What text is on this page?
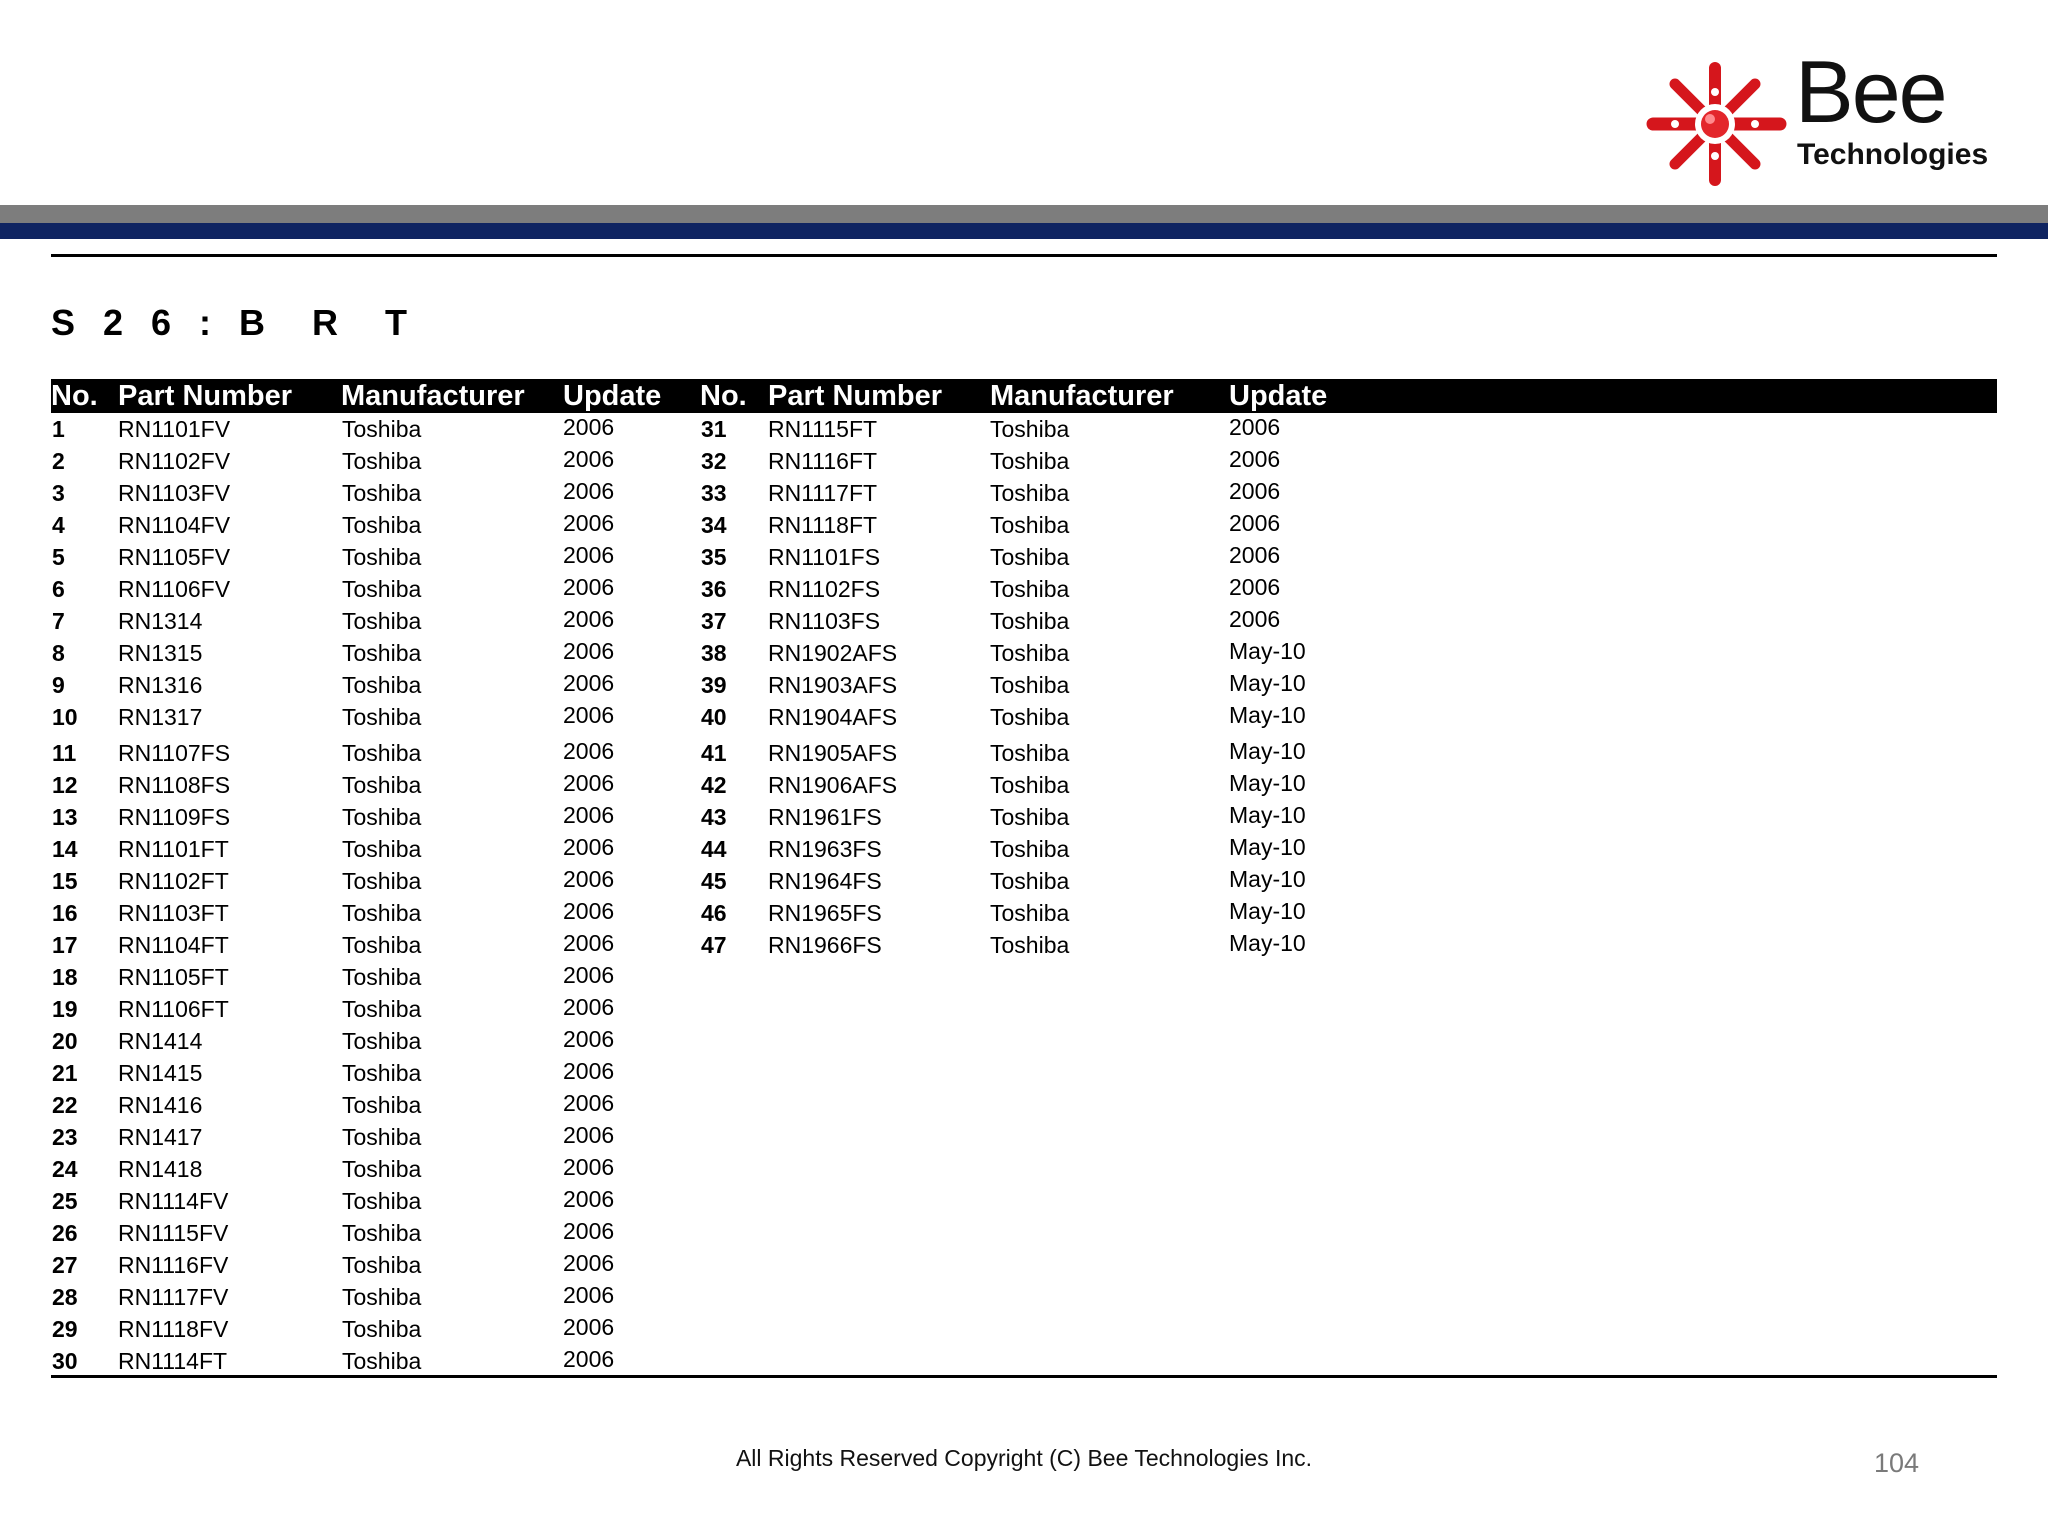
Bee
Technologies
S 2 6 : B  R  T
No. Part Number Manufacturer Update No. Part Number Manufacturer Update
1 RN1101FV	Toshiba	2006
2 RN1102FV	Toshiba	2006
3 RN1103FV	Toshiba	2006
4 RN1104FV	Toshiba	2006
5 RN1105FV	Toshiba	2006
6 RN1106FV	Toshiba	2006
7 RN1314	Toshiba	2006
8 RN1315	Toshiba	2006
9 RN1316	Toshiba	2006
10 RN1317	Toshiba	2006
11 RN1107FS	Toshiba	2006
12 RN1108FS	Toshiba	2006
13 RN1109FS	Toshiba	2006
14 RN1101FT	Toshiba	2006
15 RN1102FT	Toshiba	2006
16 RN1103FT	Toshiba	2006
17 RN1104FT	Toshiba	2006
18 RN1105FT	Toshiba	2006
19 RN1106FT	Toshiba	2006
20 RN1414	Toshiba	2006
21 RN1415	Toshiba	2006
22 RN1416	Toshiba	2006
23 RN1417	Toshiba	2006
24 RN1418	Toshiba	2006
25 RN1114FV	Toshiba	2006
26 RN1115FV	Toshiba	2006
27 RN1116FV	Toshiba	2006
28 RN1117FV	Toshiba	2006
29 RN1118FV	Toshiba	2006
30 RN1114FT	Toshiba	2006
31 RN1115FT	Toshiba	2006
32 RN1116FT	Toshiba	2006
33 RN1117FT	Toshiba	2006
34 RN1118FT	Toshiba	2006
35 RN1101FS	Toshiba	2006
36 RN1102FS	Toshiba	2006
37 RN1103FS	Toshiba	2006
38 RN1902AFS	Toshiba	May-10
39 RN1903AFS	Toshiba	May-10
40 RN1904AFS	Toshiba	May-10
41 RN1905AFS	Toshiba	May-10
42 RN1906AFS	Toshiba	May-10
43 RN1961FS	Toshiba	May-10
44 RN1963FS	Toshiba	May-10
45 RN1964FS	Toshiba	May-10
46 RN1965FS	Toshiba	May-10
47 RN1966FS	Toshiba	May-10
All Rights Reserved Copyright (C) Bee Technologies Inc.	104
